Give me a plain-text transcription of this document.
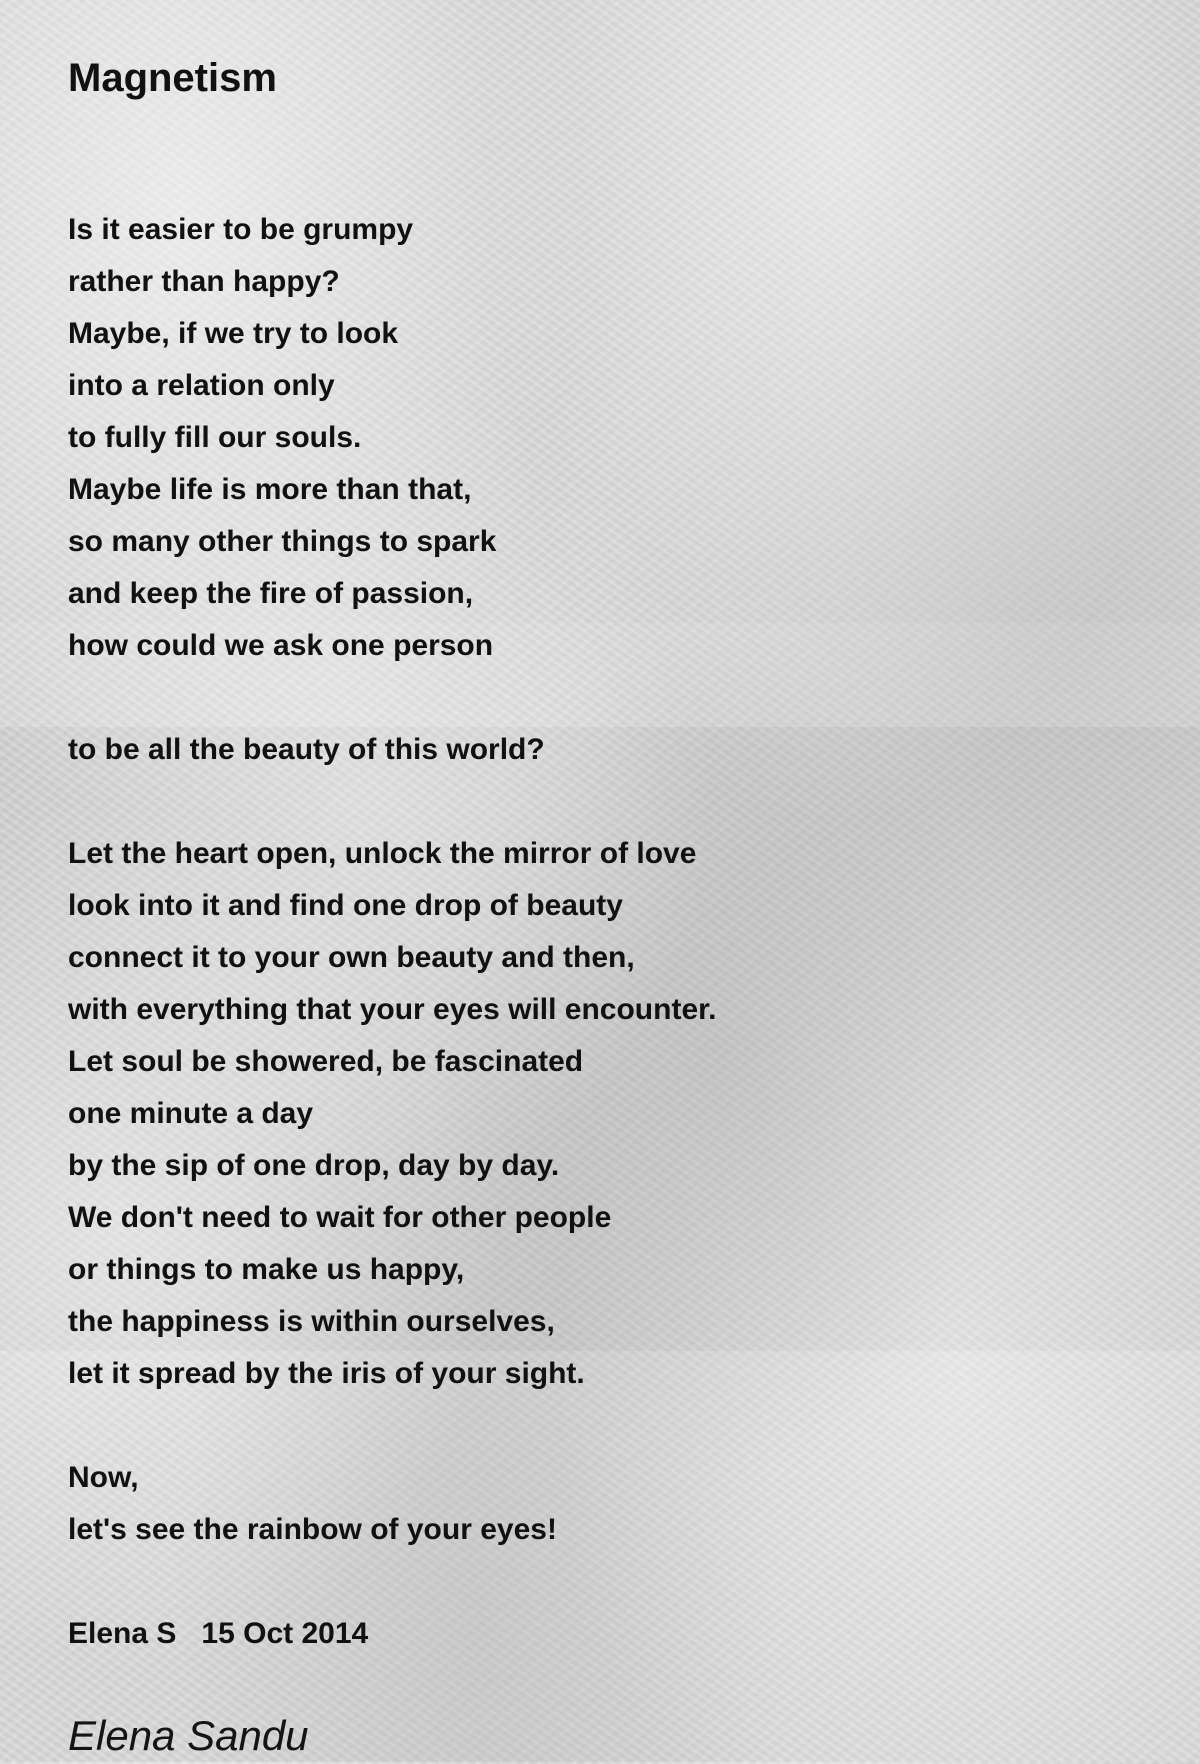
Magnetism
Is it easier to be grumpy
rather than happy?
Maybe, if we try to look
into a relation only
to fully fill our souls.
Maybe life is more than that,
so many other things to spark
and keep the fire of passion,
how could we ask one person
to be all the beauty of this world?
Let the heart open, unlock the mirror of love
look into it and find one drop of beauty
connect it to your own beauty and then,
with everything that your eyes will encounter.
Let soul be showered, be fascinated
one minute a day
by the sip of one drop, day by day.
We don't need to wait for other people
or things to make us happy,
the happiness is within ourselves,
let it spread by the iris of your sight.
Now,
let's see the rainbow of your eyes!
Elena S 15 Oct 2014
Elena Sandu
